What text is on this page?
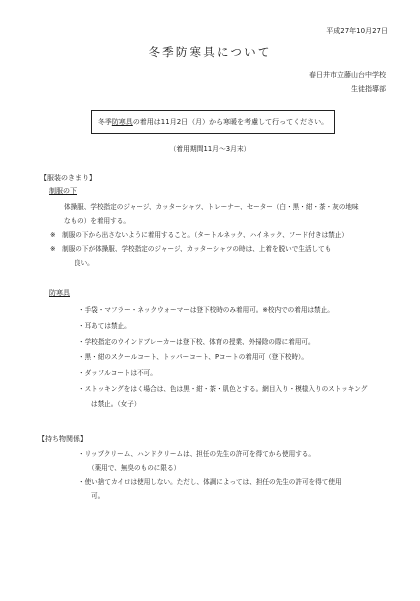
平成27年10月27日
冬季防寒具について
春日井市立藤山台中学校
生徒指導部
冬季防寒具の着用は11月2日（月）から寒暖を考慮して行ってください。
（着用期間11月～3月末）
【服装のきまり】
制服の下
体操服、学校指定のジャージ、カッターシャツ、トレーナー、セーター（白・黒・紺・茶・灰の地味
なもの）を着用する。
※　制服の下から出さないように着用すること。（タートルネック、ハイネック、フード付きは禁止）
※　制服の下が体操服、学校指定のジャージ、カッターシャツの時は、上着を脱いで生活しても
良い。
防寒具
・ 手袋・マフラー・ネックウォーマーは登下校時のみ着用可。※校内での着用は禁止。
・ 耳あては禁止。
・ 学校指定のウインドブレーカーは登下校、体育の授業、外掃除の際に着用可。
・ 黒・紺のスクールコート、トッパーコート、Pコートの着用可（登下校時）。
・ ダッフルコートは不可。
・ ストッキングをはく場合は、色は黒・紺・茶・肌色とする。網目入り・模様入りのストッキング
は禁止。（女子）
【持ち物関係】
・ リップクリーム、ハンドクリームは、担任の先生の許可を得てから使用する。
（薬用で、無臭のものに限る）
・ 使い捨てカイロは使用しない。ただし、体調によっては、担任の先生の許可を得て使用
可。
